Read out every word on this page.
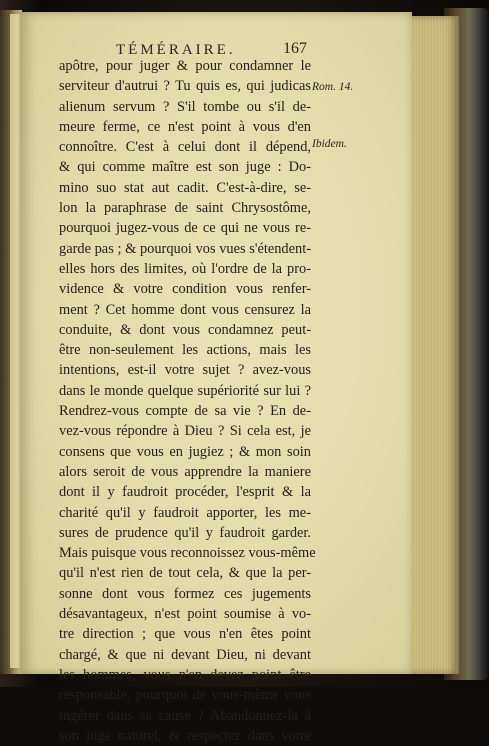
TÉMÉRAIRE.	167
Rom. 14.
Ibidem.
apôtre, pour juger & pour condamner le
serviteur d'autrui ? Tu quis es, qui judicas
alienum servum ? S'il tombe ou s'il de-
meure ferme, ce n'est point à vous d'en
connoître. C'est à celui dont il dépend,
& qui comme maître est son juge : Do-
mino suo stat aut cadit. C'est-à-dire, se-
lon la paraphrase de saint Chrysostôme,
pourquoi jugez-vous de ce qui ne vous re-
garde pas ; & pourquoi vos vues s'étendent-
elles hors des limites, où l'ordre de la pro-
vidence & votre condition vous renfer-
ment ? Cet homme dont vous censurez la
conduite, & dont vous condamnez peut-
être non-seulement les actions, mais les
intentions, est-il votre sujet ? avez-vous
dans le monde quelque supériorité sur lui ?
Rendrez-vous compte de sa vie ? En de-
vez-vous répondre à Dieu ? Si cela est, je
consens que vous en jugiez ; & mon soin
alors seroit de vous apprendre la maniere
dont il y faudroit procéder, l'esprit & la
charité qu'il y faudroit apporter, les me-
sures de prudence qu'il y faudroit garder.
Mais puisque vous reconnoissez vous-même
qu'il n'est rien de tout cela, & que la per-
sonne dont vous formez ces jugements
désavantageux, n'est point soumise à vo-
tre direction ; que vous n'en êtes point
chargé, & que ni devant Dieu, ni devant
les hommes, vous n'en devez point être
responsable, pourquoi de vous-même vous
ingérer dans sa cause ? Abandonnez-la à
son juge naturel, & respectez dans votre
